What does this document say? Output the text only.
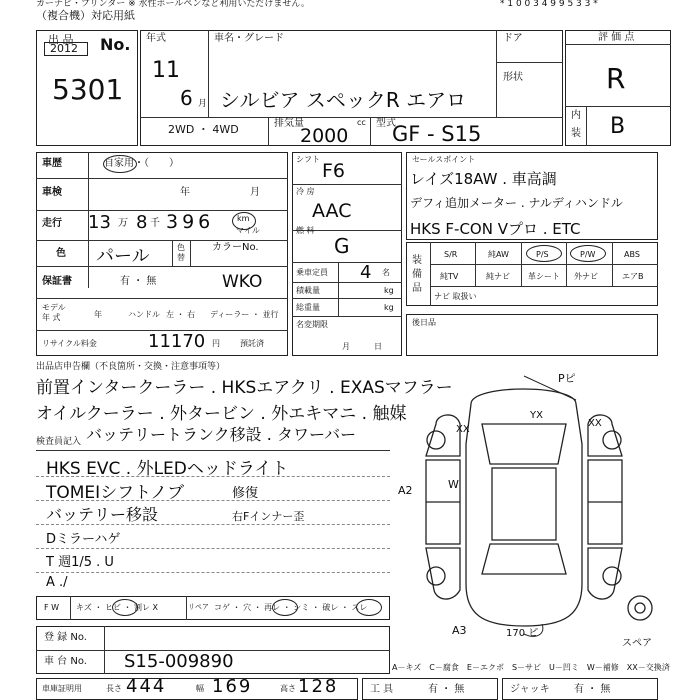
カーナビ・プリンター ※ 水性ボールペンなど利用いただけません。	* 1 0 0 3 4 9 9 5 3 3 *
（複合機）対応用紙
出 品
2012 No.
5301
年式
11
6 月
車名・グレード
シルビア スペックR エアロ
ドア
形状
2WD ・ 4WD	排気量	cc
2000
型式
GF - S15
評 価 点
R
内
装 B
車歴	自家用・（　　）
車検	年	月
走行 13 万 8 千 396	km
マイル
色 パール	色
替
カラーNo.
WKO
保証書	有 ・ 無
モデル
年 式	年	ハンドル 左 ・ 右 ディーラー ・ 並行
リサイクル料金	11170 円	預託済
シフト
F6
冷 房
AAC
燃 料
G
乗車定員 4 名
積載量	kg
総重量	kg
名変期限
月	日
セールスポイント
レイズ18AW . 車高調
デフィ追加メーター . ナルディハンドル
HKS F-CON Vプロ . ETC
装備品
S/R	純AW	P/S	P/W	ABS
純TV	純ナビ 革シート 外ナビ	エアB
ナビ 取扱い
後日品
出品店申告欄（不良箇所・交換・注意事項等）
前置インタークーラー . HKSエアクリ . EXASマフラー
オイルクーラー . 外タービン . 外エキマニ . 触媒
バッテリートランク移設 . タワーバー
検査員記入
HKS EVC . 外LEDヘッドライト
TOMEIシフトノブ	修復
バッテリー移設	右Fインナー歪
Dミラーハゲ
T 週1/5 . U
A ./
Pピ
YX
XX
XX
A2	W
A3	170 ピ
スペア
F W キズ ・ ヒビ ・ 割レ X	リペア コゲ ・ 穴 ・ 再レ ・ シミ ・ 破レ ・ スレ
登 録 No.
車 台 No. S15-009890	A－キズ　C－腐食　E－エクボ　S－サビ　U－凹ミ　W－補修　XX－交換済
車庫証明用	長さ 444	幅 169	高さ 128	工 具	有 ・ 無	ジャッキ 有 ・ 無
